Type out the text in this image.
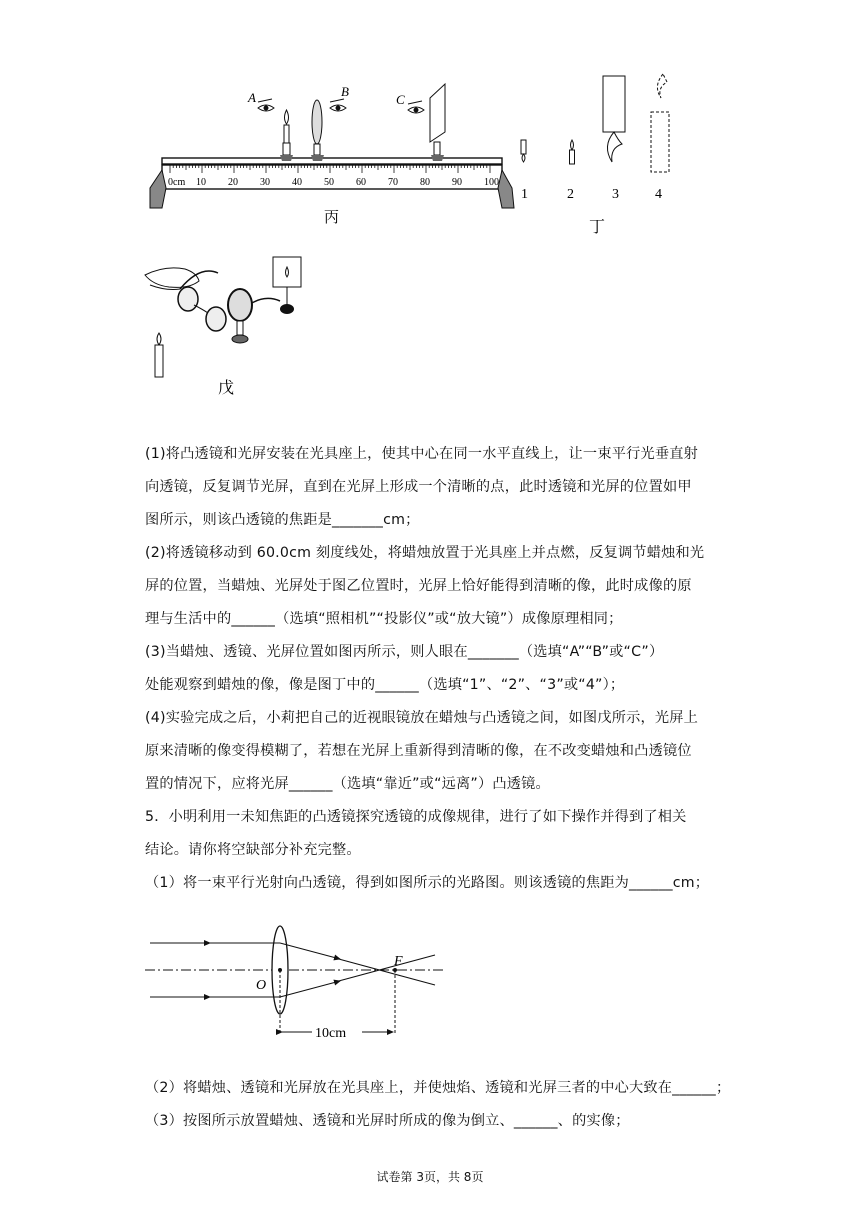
0cm 10 20 30 40 50 60 70 80 90 100
A	B
C
丙
1	2	3	4
丁
戊
(1)将凸透镜和光屏安装在光具座上，使其中心在同一水平直线上，让一束平行光垂直射
向透镜，反复调节光屏，直到在光屏上形成一个清晰的点，此时透镜和光屏的位置如甲
图所示，则该凸透镜的焦距是_______cm；
(2)将透镜移动到 60.0cm 刻度线处，将蜡烛放置于光具座上并点燃，反复调节蜡烛和光
屏的位置，当蜡烛、光屏处于图乙位置时，光屏上恰好能得到清晰的像，此时成像的原
理与生活中的______（选填“照相机”“投影仪”或“放大镜”）成像原理相同；
(3)当蜡烛、透镜、光屏位置如图丙所示，则人眼在_______（选填“A”“B”或“C”）
处能观察到蜡烛的像，像是图丁中的______（选填“1”、“2”、“3”或“4”）；
(4)实验完成之后，小莉把自己的近视眼镜放在蜡烛与凸透镜之间，如图戊所示，光屏上
原来清晰的像变得模糊了，若想在光屏上重新得到清晰的像，在不改变蜡烛和凸透镜位
置的情况下，应将光屏______（选填“靠近”或“远离”）凸透镜。
5．小明利用一未知焦距的凸透镜探究透镜的成像规律，进行了如下操作并得到了相关
结论。请你将空缺部分补充完整。
（1）将一束平行光射向凸透镜，得到如图所示的光路图。则该透镜的焦距为______cm；
10cm
O
F
（2）将蜡烛、透镜和光屏放在光具座上，并使烛焰、透镜和光屏三者的中心大致在______；
（3）按图所示放置蜡烛、透镜和光屏时所成的像为倒立、______、的实像；
试卷第 3页，共 8页
